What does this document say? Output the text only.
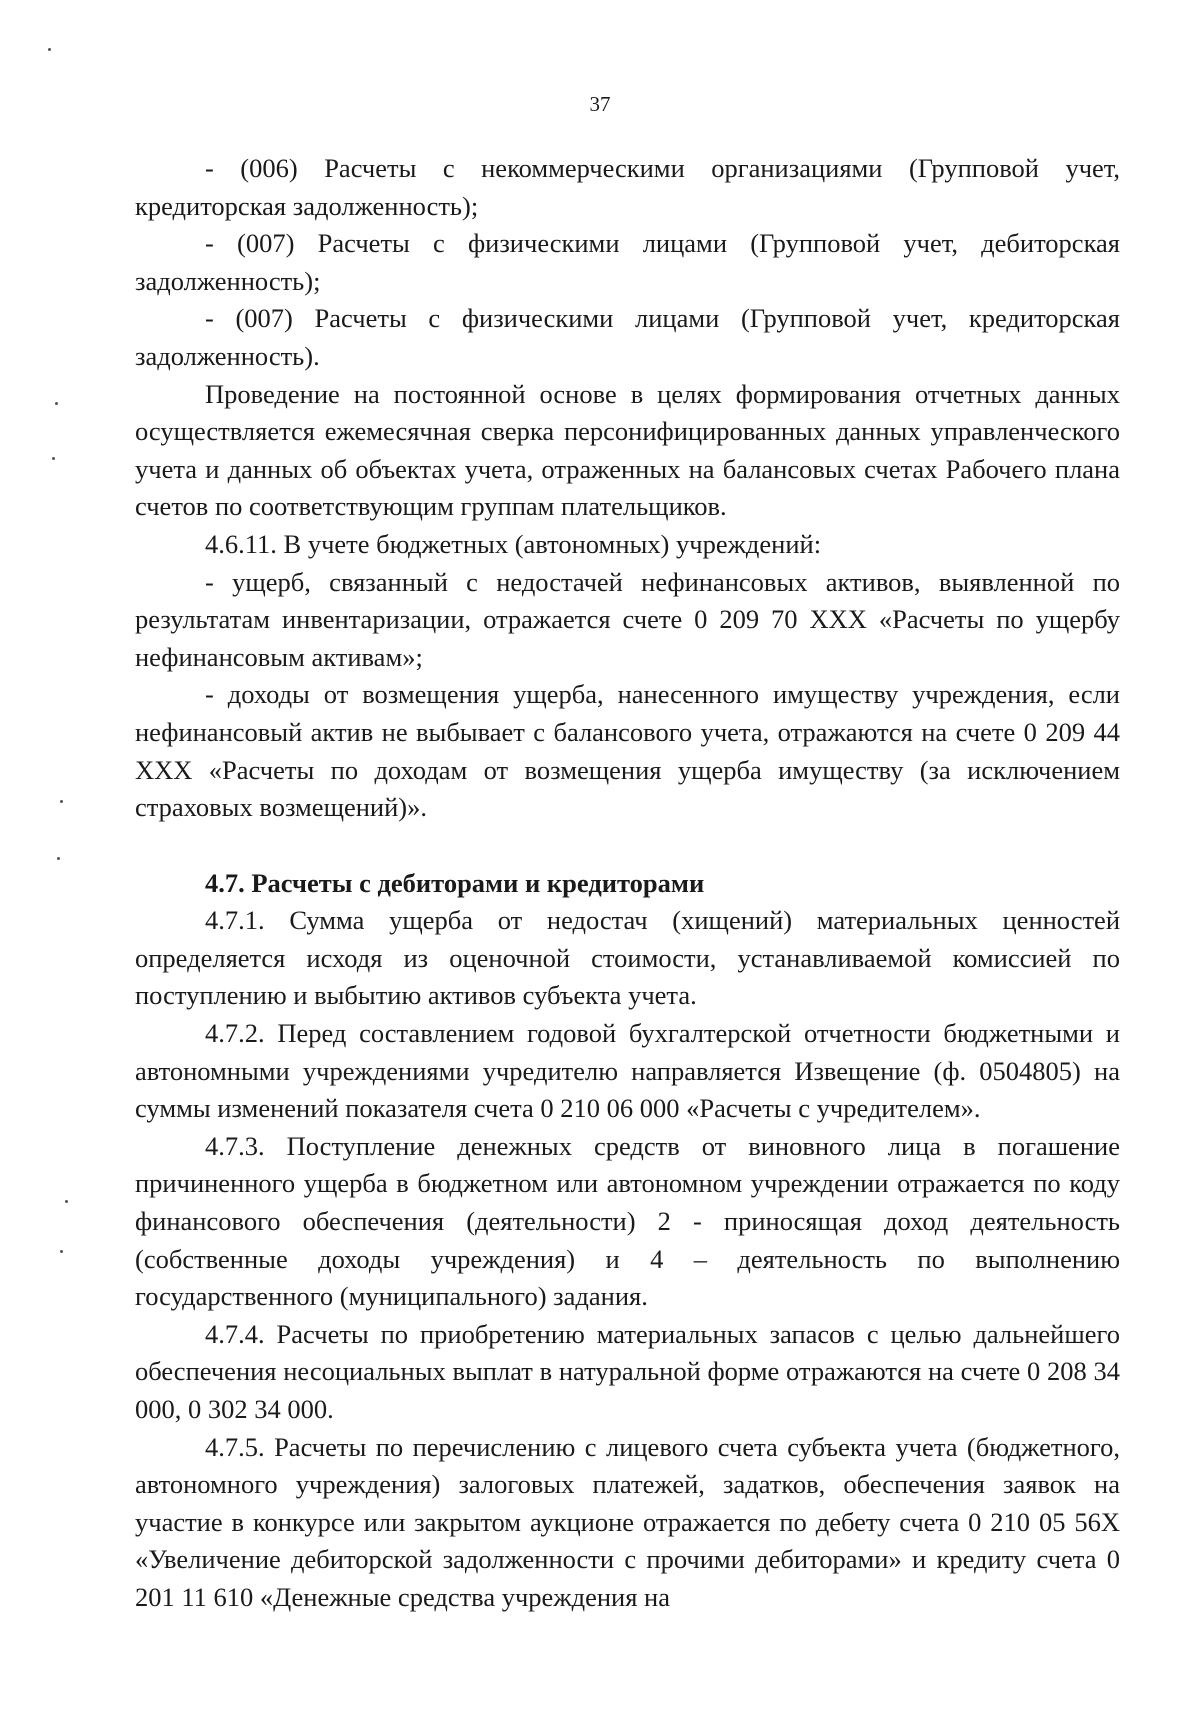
37

- (006) Расчеты с некоммерческими организациями (Групповой учет, кредиторская задолженность);

- (007) Расчеты с физическими лицами (Групповой учет, дебиторская задолженность);

- (007) Расчеты с физическими лицами (Групповой учет, кредиторская задолженность).

Проведение на постоянной основе в целях формирования отчетных данных осуществляется ежемесячная сверка персонифицированных данных управленческого учета и данных об объектах учета, отраженных на балансовых счетах Рабочего плана счетов по соответствующим группам плательщиков.

4.6.11. В учете бюджетных (автономных) учреждений:

- ущерб, связанный с недостачей нефинансовых активов, выявленной по результатам инвентаризации, отражается счете 0 209 70 ХХХ «Расчеты по ущербу нефинансовым активам»;

- доходы от возмещения ущерба, нанесенного имуществу учреждения, если нефинансовый актив не выбывает с балансового учета, отражаются на счете 0 209 44 ХХХ «Расчеты по доходам от возмещения ущерба имуществу (за исключением страховых возмещений)».

4.7. Расчеты с дебиторами и кредиторами

4.7.1. Сумма ущерба от недостач (хищений) материальных ценностей определяется исходя из оценочной стоимости, устанавливаемой комиссией по поступлению и выбытию активов субъекта учета.

4.7.2. Перед составлением годовой бухгалтерской отчетности бюджетными и автономными учреждениями учредителю направляется Извещение (ф. 0504805) на суммы изменений показателя счета 0 210 06 000 «Расчеты с учредителем».

4.7.3. Поступление денежных средств от виновного лица в погашение причиненного ущерба в бюджетном или автономном учреждении отражается по коду финансового обеспечения (деятельности) 2 - приносящая доход деятельность (собственные доходы учреждения) и 4 – деятельность по выполнению государственного (муниципального) задания.

4.7.4. Расчеты по приобретению материальных запасов с целью дальнейшего обеспечения несоциальных выплат в натуральной форме отражаются на счете 0 208 34 000, 0 302 34 000.

4.7.5. Расчеты по перечислению с лицевого счета субъекта учета (бюджетного, автономного учреждения) залоговых платежей, задатков, обеспечения заявок на участие в конкурсе или закрытом аукционе отражается по дебету счета 0 210 05 56Х «Увеличение дебиторской задолженности с прочими дебиторами» и кредиту счета 0 201 11 610 «Денежные средства учреждения на
